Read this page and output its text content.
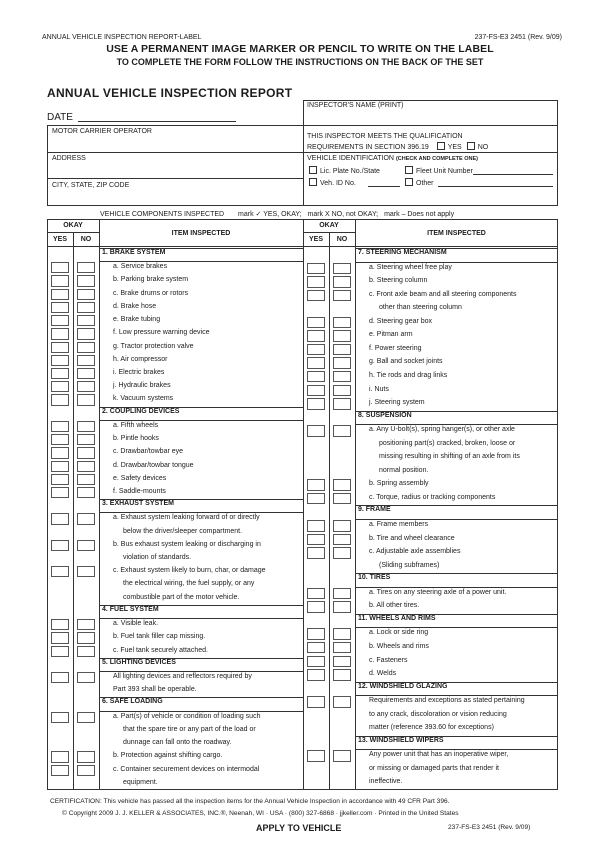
ANNUAL VEHICLE INSPECTION REPORT-LABEL	237-FS-E3 2451 (Rev. 9/09)
USE A PERMANENT IMAGE MARKER OR PENCIL TO WRITE ON THE LABEL
TO COMPLETE THE FORM FOLLOW THE INSTRUCTIONS ON THE BACK OF THE SET
ANNUAL VEHICLE INSPECTION REPORT
DATE
INSPECTOR'S NAME (PRINT)
MOTOR CARRIER OPERATOR
THIS INSPECTOR MEETS THE QUALIFICATION
REQUIREMENTS IN SECTION 396.19	YES NO
ADDRESS
CITY, STATE, ZIP CODE
VEHICLE IDENTIFICATION (CHECK AND COMPLETE ONE)
Lic. Plate No./State	Fleet Unit Number
Veh. ID No.	Other
VEHICLE COMPONENTS INSPECTED mark ✓ YES, OKAY; mark X NO, not OKAY; mark – Does not apply
OKAY
YES	NO
ITEM INSPECTED
OKAY
YES	NO
ITEM INSPECTED
1. BRAKE SYSTEM
a. Service brakes
b. Parking brake system
c. Brake drums or rotors
d. Brake hose
e. Brake tubing
f. Low pressure warning device
g. Tractor protection valve
h. Air compressor
i. Electric brakes
j. Hydraulic brakes
k. Vacuum systems
2. COUPLING DEVICES
a. Fifth wheels
b. Pintle hooks
c. Drawbar/towbar eye
d. Drawbar/towbar tongue
e. Safety devices
f. Saddle-mounts
3. EXHAUST SYSTEM
a. Exhaust system leaking forward of or directly
below the driver/sleeper compartment.
b. Bus exhaust system leaking or discharging in
violation of standards.
c. Exhaust system likely to burn, char, or damage
the electrical wiring, the fuel supply, or any
combustible part of the motor vehicle.
4. FUEL SYSTEM
a. Visible leak.
b. Fuel tank filler cap missing.
c. Fuel tank securely attached.
5. LIGHTING DEVICES
All lighting devices and reflectors required by
Part 393 shall be operable.
6. SAFE LOADING
a. Part(s) of vehicle or condition of loading such
that the spare tire or any part of the load or
dunnage can fall onto the roadway.
b. Protection against shifting cargo.
c. Container securement devices on intermodal
equipment.
7. STEERING MECHANISM
a. Steering wheel free play
b. Steering column
c. Front axle beam and all steering components
other than steering column
d. Steering gear box
e. Pitman arm
f. Power steering
g. Ball and socket joints
h. Tie rods and drag links
i. Nuts
j. Steering system
8. SUSPENSION
a. Any U-bolt(s), spring hanger(s), or other axle
positioning part(s) cracked, broken, loose or
missing resulting in shifting of an axle from its
normal position.
b. Spring assembly
c. Torque, radius or tracking components
9. FRAME
a. Frame members
b. Tire and wheel clearance
c. Adjustable axle assemblies
(Sliding subframes)
10. TIRES
a. Tires on any steering axle of a power unit.
b. All other tires.
11. WHEELS AND RIMS
a. Lock or side ring
b. Wheels and rims
c. Fasteners
d. Welds
12. WINDSHIELD GLAZING
Requirements and exceptions as stated pertaining
to any crack, discoloration or vision reducing
matter (reference 393.60 for exceptions)
13. WINDSHIELD WIPERS
Any power unit that has an inoperative wiper,
or missing or damaged parts that render it
ineffective.
CERTIFICATION: This vehicle has passed all the inspection items for the Annual Vehicle Inspection in accordance with 49 CFR Part 396.
© Copyright 2009 J. J. KELLER & ASSOCIATES, INC.®, Neenah, WI · USA · (800) 327-6868 · jjkeller.com · Printed in the United States
APPLY TO VEHICLE	237-FS-E3 2451 (Rev. 9/09)
